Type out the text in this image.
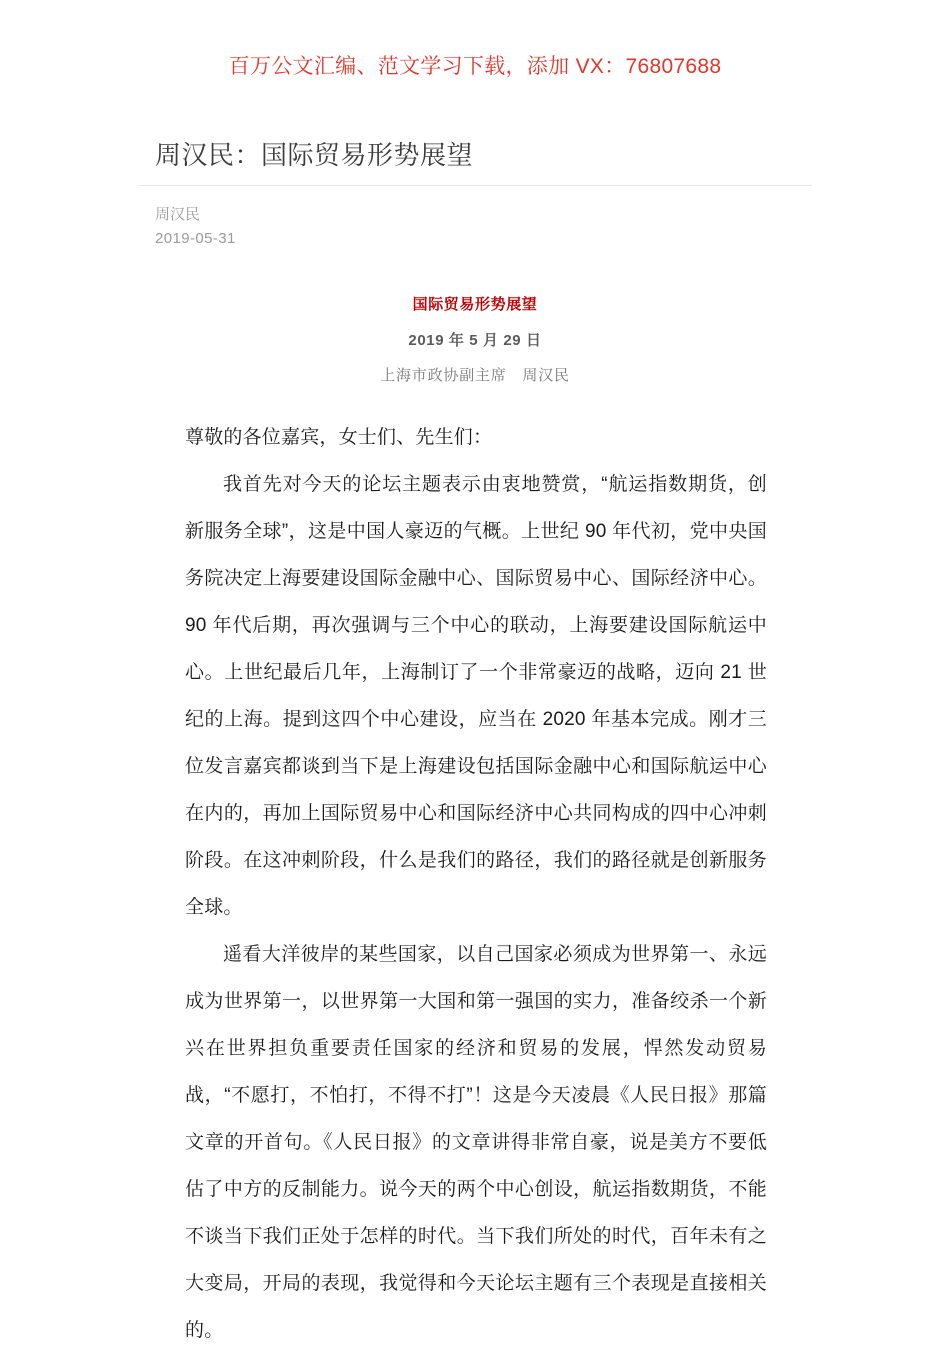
百万公文汇编、范文学习下载，添加 VX：76807688
周汉民：国际贸易形势展望
周汉民
2019-05-31
国际贸易形势展望
2019 年 5 月 29 日
上海市政协副主席　周汉民

尊敬的各位嘉宾，女士们、先生们：

我首先对今天的论坛主题表示由衷地赞赏，“航运指数期货，创新服务全球”，这是中国人豪迈的气概。上世纪 90 年代初，党中央国务院决定上海要建设国际金融中心、国际贸易中心、国际经济中心。90 年代后期，再次强调与三个中心的联动，上海要建设国际航运中心。上世纪最后几年，上海制订了一个非常豪迈的战略，迈向 21 世纪的上海。提到这四个中心建设，应当在 2020 年基本完成。刚才三位发言嘉宾都谈到当下是上海建设包括国际金融中心和国际航运中心在内的，再加上国际贸易中心和国际经济中心共同构成的四中心冲刺阶段。在这冲刺阶段，什么是我们的路径，我们的路径就是创新服务全球。

遥看大洋彼岸的某些国家，以自己国家必须成为世界第一、永远成为世界第一，以世界第一大国和第一强国的实力，准备绞杀一个新兴在世界担负重要责任国家的经济和贸易的发展，悍然发动贸易战，“不愿打，不怕打，不得不打”！这是今天凌晨《人民日报》那篇文章的开首句。《人民日报》的文章讲得非常自豪，说是美方不要低估了中方的反制能力。说今天的两个中心创设，航运指数期货，不能不谈当下我们正处于怎样的时代。当下我们所处的时代，百年未有之大变局，开局的表现，我觉得和今天论坛主题有三个表现是直接相关的。
